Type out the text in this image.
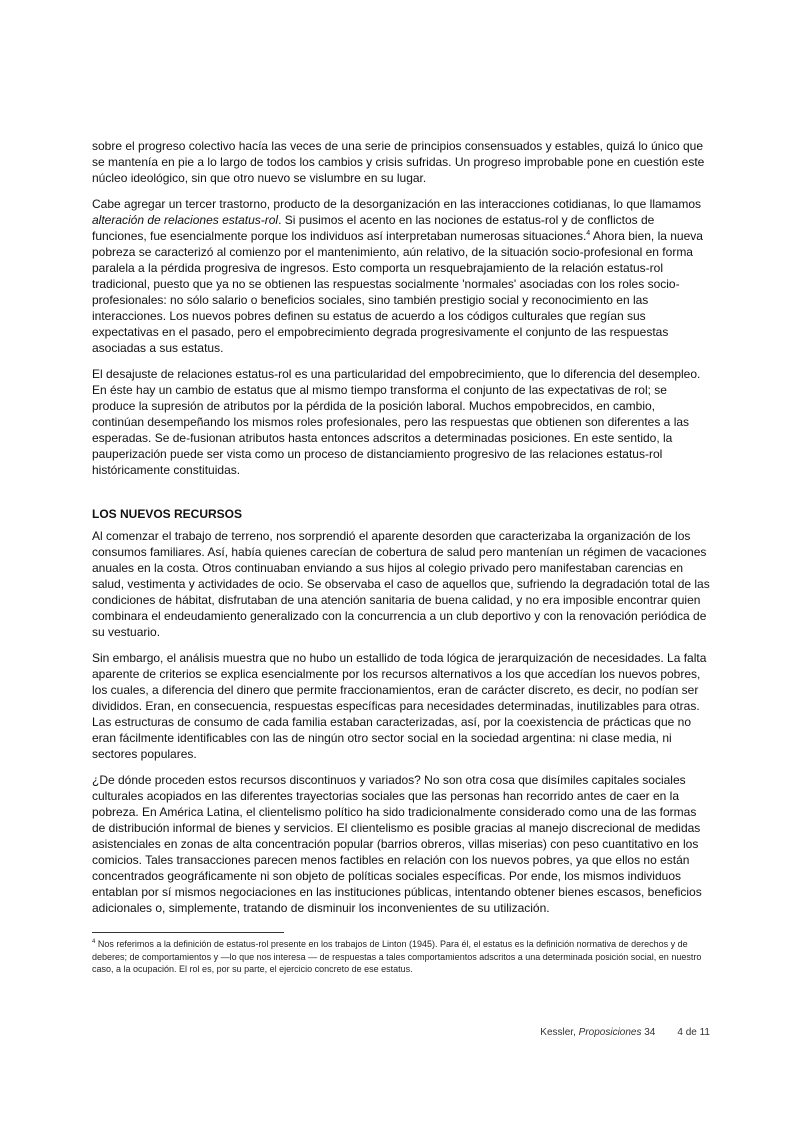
sobre el progreso colectivo hacía las veces de una serie de principios consensuados y estables, quizá lo único que se mantenía en pie a lo largo de todos los cambios y crisis sufridas. Un progreso improbable pone en cuestión este núcleo ideológico, sin que otro nuevo se vislumbre en su lugar.

Cabe agregar un tercer trastorno, producto de la desorganización en las interacciones cotidianas, lo que llamamos alteración de relaciones estatus-rol. Si pusimos el acento en las nociones de estatus-rol y de conflictos de funciones, fue esencialmente porque los individuos así interpretaban numerosas situaciones.$^4$ Ahora bien, la nueva pobreza se caracterizó al comienzo por el mantenimiento, aún relativo, de la situación socio-profesional en forma paralela a la pérdida progresiva de ingresos. Esto comporta un resquebrajamiento de la relación estatus-rol tradicional, puesto que ya no se obtienen las respuestas socialmente 'normales' asociadas con los roles socio-profesionales: no sólo salario o beneficios sociales, sino también prestigio social y reconocimiento en las interacciones. Los nuevos pobres definen su estatus de acuerdo a los códigos culturales que regían sus expectativas en el pasado, pero el empobrecimiento degrada progresivamente el conjunto de las respuestas asociadas a sus estatus.

El desajuste de relaciones estatus-rol es una particularidad del empobrecimiento, que lo diferencia del desempleo. En éste hay un cambio de estatus que al mismo tiempo transforma el conjunto de las expectativas de rol; se produce la supresión de atributos por la pérdida de la posición laboral. Muchos empobrecidos, en cambio, continúan desempeñando los mismos roles profesionales, pero las respuestas que obtienen son diferentes a las esperadas. Se de-fusionan atributos hasta entonces adscritos a determinadas posiciones. En este sentido, la pauperización puede ser vista como un proceso de distanciamiento progresivo de las relaciones estatus-rol históricamente constituidas.

LOS NUEVOS RECURSOS

Al comenzar el trabajo de terreno, nos sorprendió el aparente desorden que caracterizaba la organización de los consumos familiares. Así, había quienes carecían de cobertura de salud pero mantenían un régimen de vacaciones anuales en la costa. Otros continuaban enviando a sus hijos al colegio privado pero manifestaban carencias en salud, vestimenta y actividades de ocio. Se observaba el caso de aquellos que, sufriendo la degradación total de las condiciones de hábitat, disfrutaban de una atención sanitaria de buena calidad, y no era imposible encontrar quien combinara el endeudamiento generalizado con la concurrencia a un club deportivo y con la renovación periódica de su vestuario.

Sin embargo, el análisis muestra que no hubo un estallido de toda lógica de jerarquización de necesidades. La falta aparente de criterios se explica esencialmente por los recursos alternativos a los que accedían los nuevos pobres, los cuales, a diferencia del dinero que permite fraccionamientos, eran de carácter discreto, es decir, no podían ser divididos. Eran, en consecuencia, respuestas específicas para necesidades determinadas, inutilizables para otras. Las estructuras de consumo de cada familia estaban caracterizadas, así, por la coexistencia de prácticas que no eran fácilmente identificables con las de ningún otro sector social en la sociedad argentina: ni clase media, ni sectores populares.

¿De dónde proceden estos recursos discontinuos y variados? No son otra cosa que disímiles capitales sociales culturales acopiados en las diferentes trayectorias sociales que las personas han recorrido antes de caer en la pobreza. En América Latina, el clientelismo político ha sido tradicionalmente considerado como una de las formas de distribución informal de bienes y servicios. El clientelismo es posible gracias al manejo discrecional de medidas asistenciales en zonas de alta concentración popular (barrios obreros, villas miserias) con peso cuantitativo en los comicios. Tales transacciones parecen menos factibles en relación con los nuevos pobres, ya que ellos no están concentrados geográficamente ni son objeto de políticas sociales específicas. Por ende, los mismos individuos entablan por sí mismos negociaciones en las instituciones públicas, intentando obtener bienes escasos, beneficios adicionales o, simplemente, tratando de disminuir los inconvenientes de su utilización.

$^4$ Nos referimos a la definición de estatus-rol presente en los trabajos de Linton (1945). Para él, el estatus es la definición normativa de derechos y de deberes; de comportamientos y —lo que nos interesa — de respuestas a tales comportamientos adscritos a una determinada posición social, en nuestro caso, a la ocupación. El rol es, por su parte, el ejercicio concreto de ese estatus.
Kessler, Proposiciones 34 4 de 11
